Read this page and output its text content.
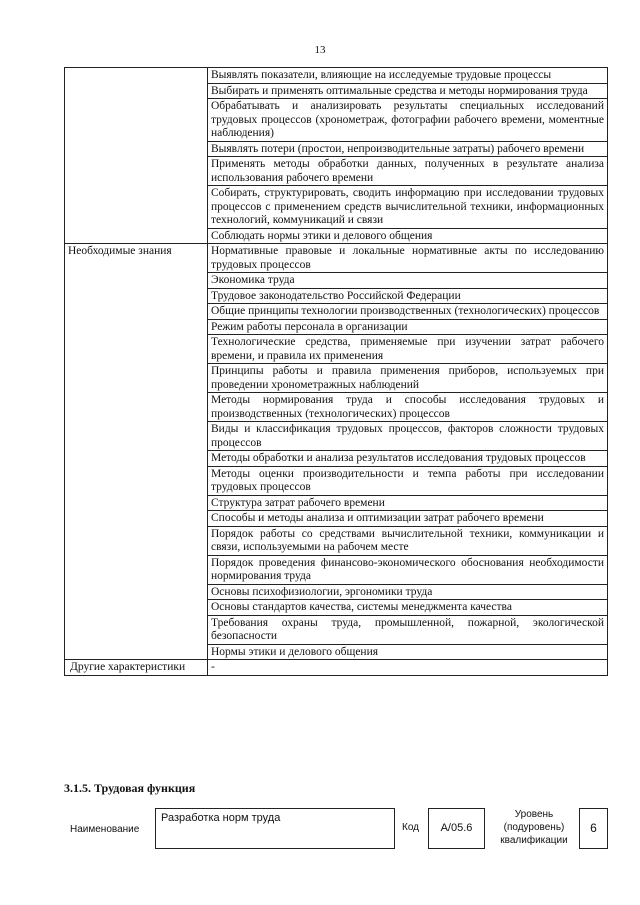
13
	Выявлять показатели, влияющие на исследуемые трудовые процессы
	Выбирать и применять оптимальные средства и методы нормирования труда
	Обрабатывать и анализировать результаты специальных исследований трудовых процессов (хронометраж, фотографии рабочего времени, моментные наблюдения)
	Выявлять потери (простои, непроизводительные затраты) рабочего времени
	Применять методы обработки данных, полученных в результате анализа использования рабочего времени
	Собирать, структурировать, сводить информацию при исследовании трудовых процессов с применением средств вычислительной техники, информационных технологий, коммуникаций и связи
	Соблюдать нормы этики и делового общения
Необходимые знания	Нормативные правовые и локальные нормативные акты по исследованию трудовых процессов
	Экономика труда
	Трудовое законодательство Российской Федерации
	Общие принципы технологии производственных (технологических) процессов
	Режим работы персонала в организации
	Технологические средства, применяемые при изучении затрат рабочего времени, и правила их применения
	Принципы работы и правила применения приборов, используемых при проведении хронометражных наблюдений
	Методы нормирования труда и способы исследования трудовых и производственных (технологических) процессов
	Виды и классификация трудовых процессов, факторов сложности трудовых процессов
	Методы обработки и анализа результатов исследования трудовых процессов
	Методы оценки производительности и темпа работы при исследовании трудовых процессов
	Структура затрат рабочего времени
	Способы и методы анализа и оптимизации затрат рабочего времени
	Порядок работы со средствами вычислительной техники, коммуникации и связи, используемыми на рабочем месте
	Порядок проведения финансово-экономического обоснования необходимости нормирования труда
	Основы психофизиологии, эргономики труда
	Основы стандартов качества, системы менеджмента качества
	Требования охраны труда, промышленной, пожарной, экологической безопасности
	Нормы этики и делового общения
Другие характеристики	-
3.1.5. Трудовая функция
Наименование
Разработка норм труда
Код	A/05.6
Уровень (подуровень) квалификации
6
